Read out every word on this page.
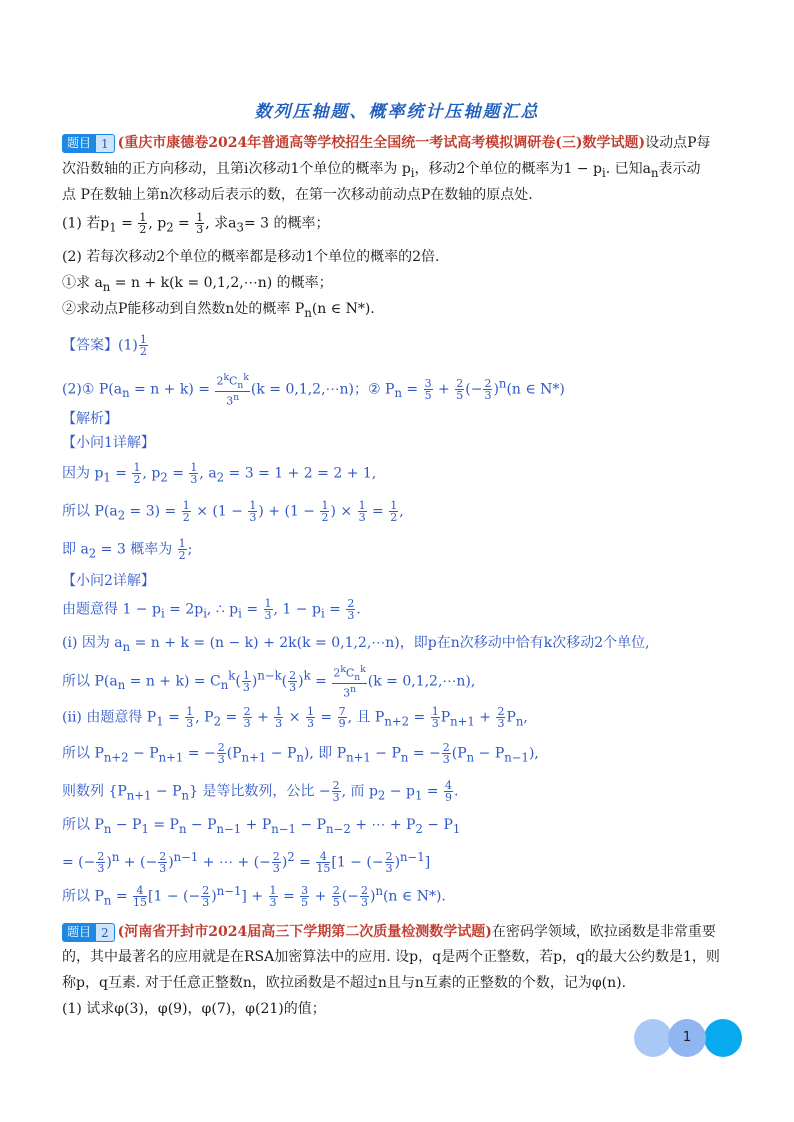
数列压轴题、概率统计压轴题汇总
题目 1 (重庆市康德卷2024年普通高等学校招生全国统一考试高考模拟调研卷(三)数学试题)设动点P每
次沿数轴的正方向移动，且第i次移动1个单位的概率为 $p_i$，移动2个单位的概率为$1 - p_i$. 已知$a_n$表示动
点 P在数轴上第n次移动后表示的数，在第一次移动前动点P在数轴的原点处.
(1) 若$p_1 = \frac{1}{2}$ , $p_2 = \frac{1}{3}$ , 求$a_3= 3$ 的概率；
(2) 若每次移动2个单位的概率都是移动1个单位的概率的2倍.
①求 $a_n = n + k(k$ = 0,1,2,⋯n) 的概率；
②求动点P能移动到自然数n处的概率 $P_n(n$ ∈ N*).
【答案】$(1) \frac{1}{2}$
(2)① $P(a_n = n + k) = \frac{2^kC_n^k}{3^n} (k$ = 0,1,2,⋯n)；② $P_n = \frac{3}{5} + \frac{2}{5}$ (− $\frac{2}{3} )^n(n$ ∈ N*)
【解析】
【小问1详解】
因为 $p_1 = \frac{1}{2}$ , $p_2 = \frac{1}{3}$ , $a_2 = 3 = 1 + 2 = 2 + 1$,
所以 $P(a_2 = 3) = \frac{1}{2} \times (1 - \frac{1}{3}$ ) + ($1 - \frac{1}{2}$ ) × $\frac{1}{3} = \frac{1}{2}$ ,
即 $a_2 = 3$ 概率为 $\frac{1}{2}$ ;
【小问2详解】
由题意得 $1 - p_i = 2p_i$, ∴ $p_i = \frac{1}{3}$ , $1 - p_i = \frac{2}{3}$ .
(i) 因为 $a_n = n + k = (n - k) + 2k(k$ = 0,1,2,⋯n)，即p在n次移动中恰有k次移动2个单位,
所以 $P(a_n = n + k) = C_n^k( \frac{1}{3} )^{n-k}( \frac{2}{3} )^k = \frac{2^kC_n^k}{3^n} (k$ = 0,1,2,⋯n),
(ii) 由题意得 $P_1 = \frac{1}{3}$ , $P_2 = \frac{2}{3} + \frac{1}{3} \times \frac{1}{3} = \frac{7}{9}$ , 且 $P_{n+2} = \frac{1}{3} P_{n+1} + \frac{2}{3} P_n$,
所以 $P_{n+2} - P_{n+1}$ = − $\frac{2}{3} (P_{n+1} - P_n)$, 即 $P_{n+1} - P_n$ = − $\frac{2}{3} (P_n - P_{n-1})$,
则数列 $\{P_{n+1} - P_n\}$ 是等比数列，公比 − $\frac{2}{3}$ , 而 $p_2 - p_1 = \frac{4}{9}$ .
所以 $P_n - P_1 = P_n - P_{n-1} + P_{n-1} - P_{n-2}$ + ⋯ + $P_2 - P_1$
= (− $\frac{2}{3} )^n$ + (− $\frac{2}{3} )^{n-1}$ + ⋯ + (− $\frac{2}{3} )^2 = \frac{4}{15} [1$ − (− $\frac{2}{3} )^{n-1}$]
所以 $P_n = \frac{4}{15} [1$ − (− $\frac{2}{3} )^{n-1}] + \frac{1}{3} = \frac{3}{5} + \frac{2}{5}$ (− $\frac{2}{3} )^n(n$ ∈ N*).
题目 2 (河南省开封市2024届高三下学期第二次质量检测数学试题)在密码学领域，欧拉函数是非常重要
的，其中最著名的应用就是在RSA加密算法中的应用. 设p，q是两个正整数，若p，q的最大公约数是1，则
称p，q互素. 对于任意正整数n，欧拉函数是不超过n且与n互素的正整数的个数，记为φ(n).
(1) 试求φ(3)，φ(9)，φ(7)，φ(21)的值；
1
